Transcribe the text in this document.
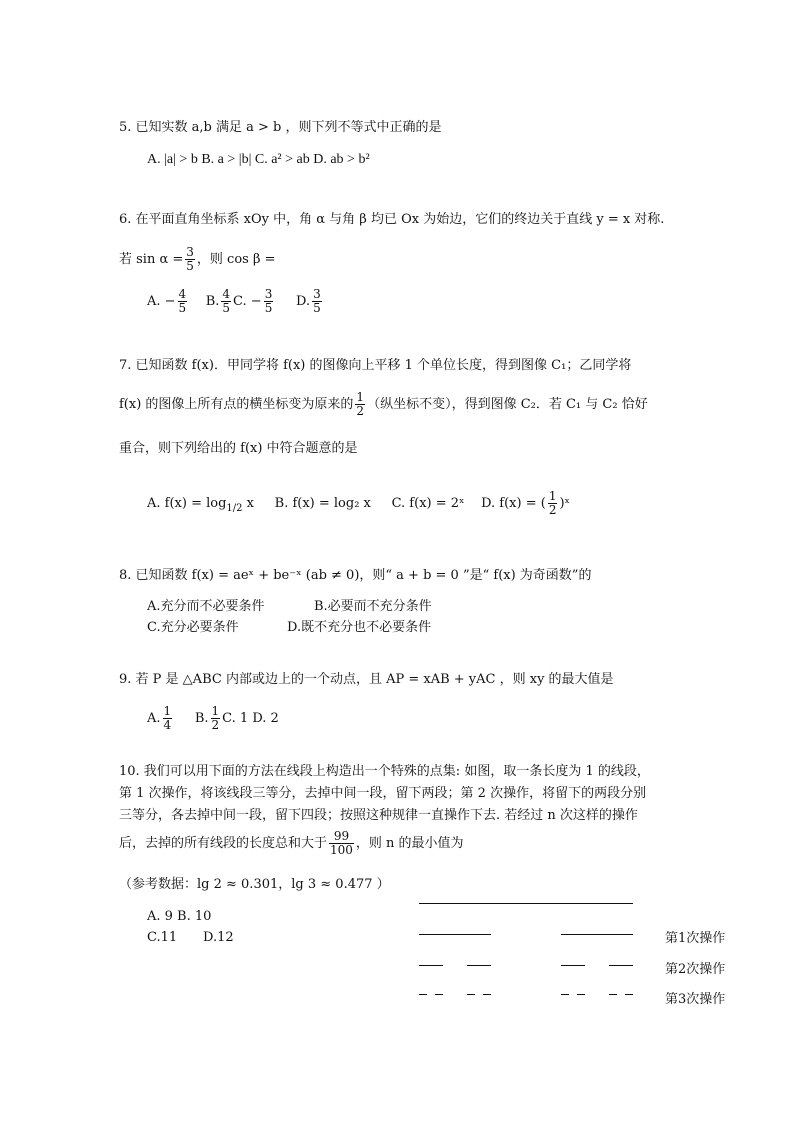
5. 已知实数 a,b 满足 a > b ，则下列不等式中正确的是
A. |a| > b B. a > |b| C. a² > ab D. ab > b²
6. 在平面直角坐标系 xOy 中，角 α 与角 β 均已 Ox 为始边，它们的终边关于直线 y = x 对称.
若 $\sin \alpha = \frac{3}{5}$ ，则 cos β =
A. − $\frac{4}{5} B$. $\frac{4}{5} C$. − $\frac{3}{5} D$. $\frac{3}{5}$
7. 已知函数 f(x)．甲同学将 f(x) 的图像向上平移 1 个单位长度，得到图像 C₁；乙同学将
f(x) 的图像上所有点的横坐标变为原来的 $\frac{1}{2}$ （纵坐标不变），得到图像 C₂．若 C₁ 与 C₂ 恰好
重合，则下列给出的 f(x) 中符合题意的是
A. $f(x) = \log_{1/2} x$ B. f(x) = log₂ x C. f(x) = 2ˣ D. f(x) = ( $\frac{1}{2}$ )ˣ
8. 已知函数 f(x) = aeˣ + be⁻ˣ (ab ≠ 0)，则“ a + b = 0 ”是“ f(x) 为奇函数”的
A.充分而不必要条件	B.必要而不充分条件
C.充分必要条件	D.既不充分也不必要条件
9. 若 P 是 △ABC 内部或边上的一个动点，且 AP = xAB + yAC ，则 xy 的最大值是
A. $\frac{1}{4} B$. $\frac{1}{2} C$. 1 D. 2
10. 我们可以用下面的方法在线段上构造出一个特殊的点集: 如图，取一条长度为 1 的线段，
第 1 次操作，将该线段三等分，去掉中间一段，留下两段；第 2 次操作，将留下的两段分别
三等分，各去掉中间一段，留下四段；按照这种规律一直操作下去. 若经过 n 次这样的操作
后，去掉的所有线段的长度总和大于 $\frac{99}{100}$ ，则 n 的最小值为
（参考数据：lg 2 ≈ 0.301，lg 3 ≈ 0.477 ）
A. 9 B. 10
C.11 D.12	第1次操作
第2次操作
第3次操作
